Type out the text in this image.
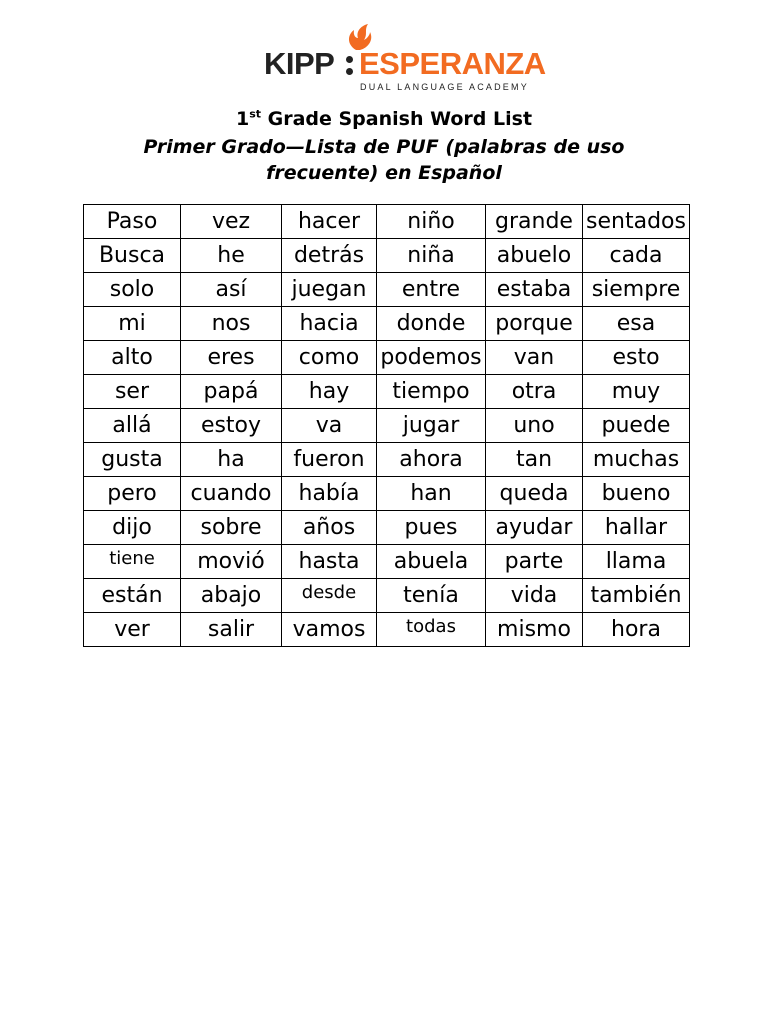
KIPP ESPERANZA
DUAL LANGUAGE ACADEMY
1st Grade Spanish Word List
Primer Grado—Lista de PUF (palabras de uso frecuente) en Español
Paso	vez	hacer	niño	grande	sentados
Busca	he	detrás	niña	abuelo	cada
solo	así	juegan	entre	estaba	siempre
mi	nos	hacia	donde	porque	esa
alto	eres	como	podemos	van	esto
ser	papá	hay	tiempo	otra	muy
allá	estoy	va	jugar	uno	puede
gusta	ha	fueron	ahora	tan	muchas
pero	cuando	había	han	queda	bueno
dijo	sobre	años	pues	ayudar	hallar
tiene	movió	hasta	abuela	parte	llama
están	abajo	desde	tenía	vida	también
ver	salir	vamos	todas	mismo	hora
